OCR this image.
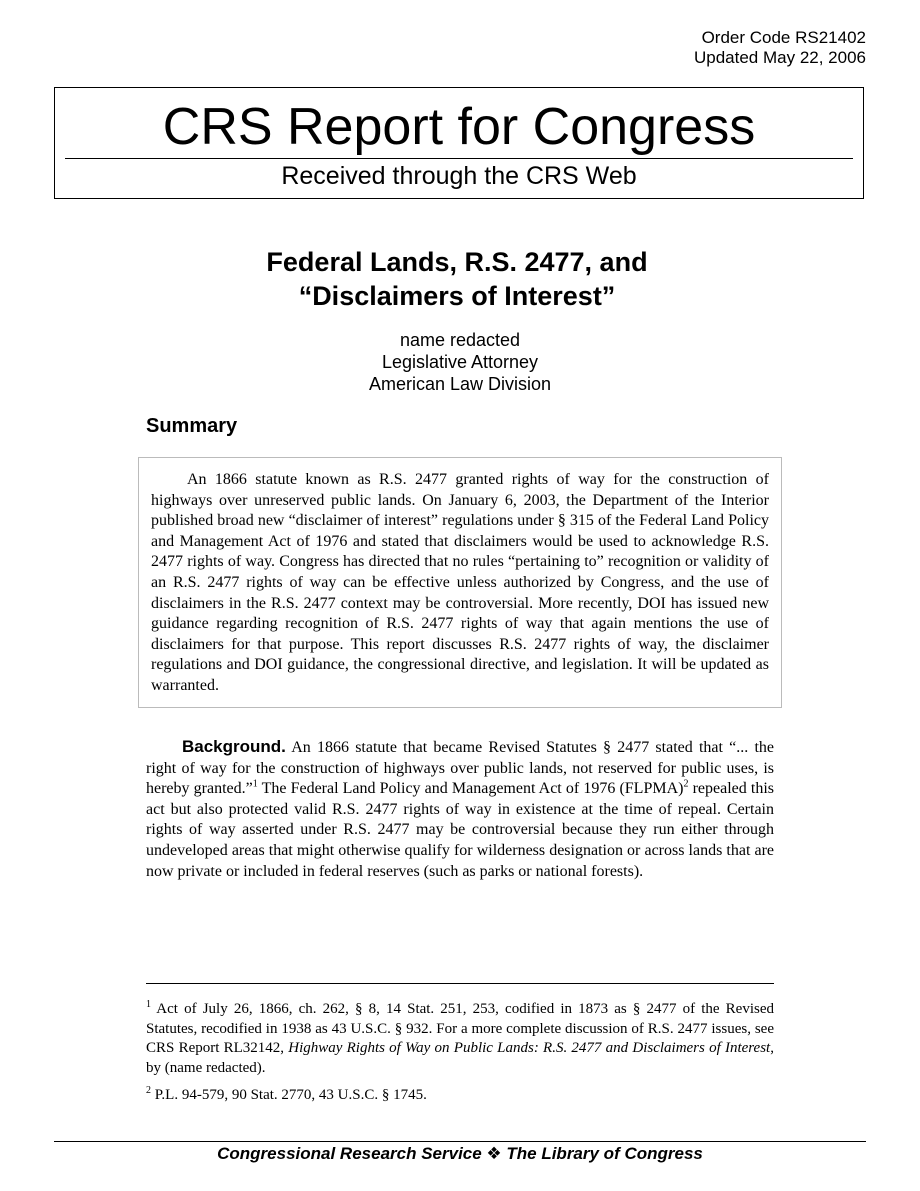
Order Code RS21402
Updated May 22, 2006
CRS Report for Congress
Received through the CRS Web
Federal Lands, R.S. 2477, and
“Disclaimers of Interest”
name redacted
Legislative Attorney
American Law Division
Summary

An 1866 statute known as R.S. 2477 granted rights of way for the construction of highways over unreserved public lands. On January 6, 2003, the Department of the Interior published broad new “disclaimer of interest” regulations under § 315 of the Federal Land Policy and Management Act of 1976 and stated that disclaimers would be used to acknowledge R.S. 2477 rights of way. Congress has directed that no rules “pertaining to” recognition or validity of an R.S. 2477 rights of way can be effective unless authorized by Congress, and the use of disclaimers in the R.S. 2477 context may be controversial. More recently, DOI has issued new guidance regarding recognition of R.S. 2477 rights of way that again mentions the use of disclaimers for that purpose. This report discusses R.S. 2477 rights of way, the disclaimer regulations and DOI guidance, the congressional directive, and legislation. It will be updated as warranted.

Background. An 1866 statute that became Revised Statutes § 2477 stated that “... the right of way for the construction of highways over public lands, not reserved for public uses, is hereby granted.”$^1$ The Federal Land Policy and Management Act of 1976 (FLPMA)$^2$ repealed this act but also protected valid R.S. 2477 rights of way in existence at the time of repeal. Certain rights of way asserted under R.S. 2477 may be controversial because they run either through undeveloped areas that might otherwise qualify for wilderness designation or across lands that are now private or included in federal reserves (such as parks or national forests).

$^1$ Act of July 26, 1866, ch. 262, § 8, 14 Stat. 251, 253, codified in 1873 as § 2477 of the Revised Statutes, recodified in 1938 as 43 U.S.C. § 932. For a more complete discussion of R.S. 2477 issues, see CRS Report RL32142, Highway Rights of Way on Public Lands: R.S. 2477 and Disclaimers of Interest, by (name redacted).

$^2$ P.L. 94-579, 90 Stat. 2770, 43 U.S.C. § 1745.

Congressional Research Service ❖ The Library of Congress
